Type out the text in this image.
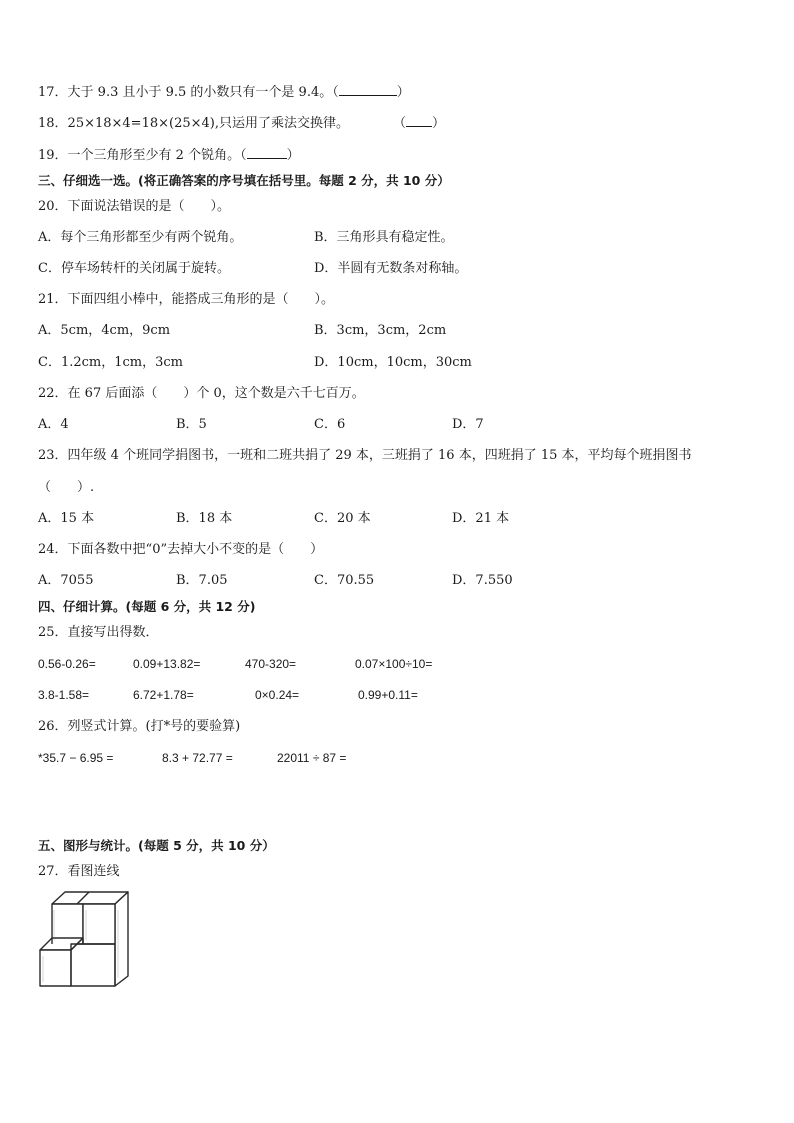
17．大于 9.3 且小于 9.5 的小数只有一个是 9.4。（	）
18．25×18×4=18×(25×4),只运用了乘法交换律。	（ ）
19．一个三角形至少有 2 个锐角。（	）
三、仔细选一选。(将正确答案的序号填在括号里。每题 2 分，共 10 分）
20．下面说法错误的是（　　）。
A．每个三角形都至少有两个锐角。	B．三角形具有稳定性。
C．停车场转杆的关闭属于旋转。	D．半圆有无数条对称轴。
21．下面四组小棒中，能搭成三角形的是（　　）。
A．5cm，4cm，9cm	B．3cm，3cm，2cm
C．1.2cm，1cm，3cm	D．10cm，10cm，30cm
22．在 67 后面添（　　）个 0，这个数是六千七百万。
A．4	B．5	C．6	D．7
23．四年级 4 个班同学捐图书，一班和二班共捐了 29 本，三班捐了 16 本，四班捐了 15 本，平均每个班捐图书
（　　）.
A．15 本	B．18 本	C．20 本	D．21 本
24．下面各数中把“0”去掉大小不变的是（　　）
A．7055	B．7.05	C．70.55	D．7.550
四、仔细计算。(每题 6 分，共 12 分)
25．直接写出得数．
0.56-0.26=	0.09+13.82=	470-320=	0.07×100÷10=
3.8-1.58=	6.72+1.78=	0×0.24=	0.99+0.11=
26．列竖式计算。(打*号的要验算)
*35.7 − 6.95 =	8.3 + 72.77 =	22011 ÷ 87 =
五、图形与统计。(每题 5 分，共 10 分）
27．看图连线
